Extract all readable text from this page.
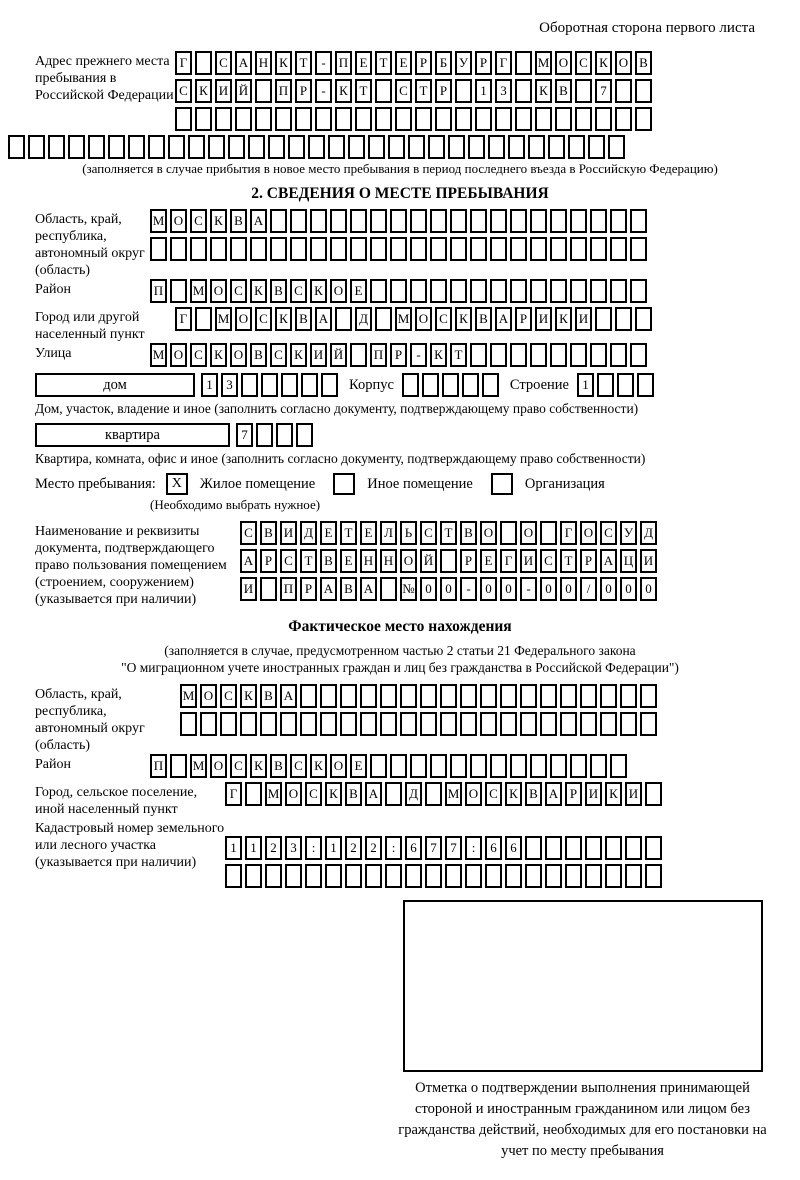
Оборотная сторона первого листа
Адрес прежнего места пребывания в Российской Федерации
Г	С А Н К Т	-	П Е Т Е Р Б У Р Г	М О С К О В
С К И Й П Р	-	К Т	С Т Р	1	3	К В	7
(заполняется в случае прибытия в новое место пребывания в период последнего въезда в Российскую Федерацию)
2. СВЕДЕНИЯ О МЕСТЕ ПРЕБЫВАНИЯ
Область, край, республика, автономный округ (область)
М О С К В А
Район	П М О С К В С К О Е
Город или другой населенный пункт
Г	М О С К В А	Д	М О С К В А Р И К И
Улица	М О С К О В С К И Й П Р	-	К Т
дом	1	3	Корпус	Строение	1
Дом, участок, владение и иное (заполнить согласно документу, подтверждающему право собственности)
квартира	7
Квартира, комната, офис и иное (заполнить согласно документу, подтверждающему право собственности)
Место пребывания:	X	Жилое помещение	Иное помещение	Организация
(Необходимо выбрать нужное)
Наименование и реквизиты документа, подтверждающего право пользования помещением (строением, сооружением) (указывается при наличии)
С В И Д Е Т Е Л Ь С Т В О О	Г О С У Д
А Р С Т В Е Н Н О Й	Р Е Г И С Т Р А Ц И
И П Р А В А № 0	0	-	0	0	-	0	0	/	0	0	0
Фактическое место нахождения
(заполняется в случае, предусмотренном частью 2 статьи 21 Федерального закона
"О миграционном учете иностранных граждан и лиц без гражданства в Российской Федерации")
Область, край, республика, автономный округ (область)
М О С К В А
Район	П М О С К В С К О Е
Город, сельское поселение, иной населенный пункт
Г	М О С К В А	Д	М О С К В А Р И К И
Кадастровый номер земельного или лесного участка (указывается при наличии)
1	1	2	3	:	1	2	2	:	6	7	7	:	6	6
Отметка о подтверждении выполнения принимающей стороной и иностранным гражданином или лицом без гражданства действий, необходимых для его постановки на учет по месту пребывания
